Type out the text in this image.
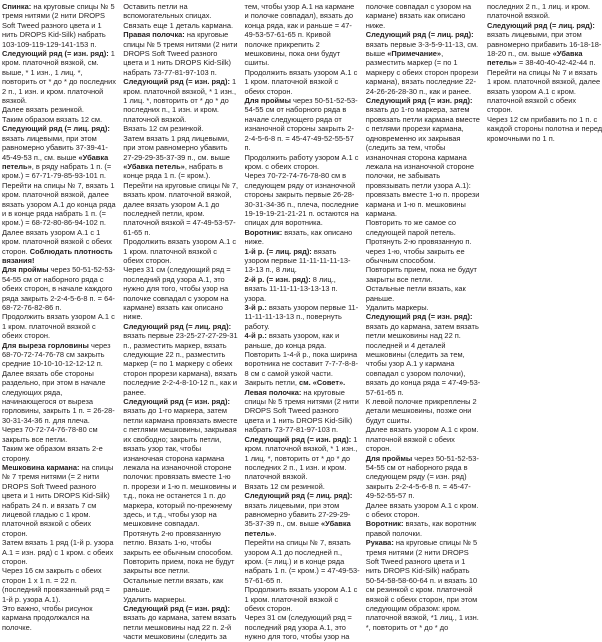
Спинка: на круговые спицы № 5 тремя нитями (2 нити DROPS Soft Tweed разного цвета и 1 нить DROPS Kid-Silk) набрать 103-109-119-129-141-153 п.

Следующий ряд (= изн. ряд): 1 кром. платочной вязкой, см. выше, * 1 изн., 1 лиц. *, повторить от * до * до последних 2 п., 1 изн. и кром. платочной вязкой.

Далее вязать резинкой.

Таким образом вязать 12 см.

Следующий ряд (= лиц. ряд): вязать лицевыми, при этом равномерно убавить 37-39-41-45-49-53 п., см. выше «Убавка петель», в ряду набрать 1 п. (= кром.) = 67-71-79-85-93-101 п.

Перейти на спицы № 7, вязать 1 кром. платочной вязкой, далее вязать узором А.1 до конца ряда и в конце ряда набрать 1 п. (= кром.) = 68-72-80-86-94-102 п.

Далее вязать узором А.1 с 1 кром. платочной вязкой с обеих сторон. Соблюдать плотность вязания!

Для проймы через 50-51-52-53-54-55 см от наборного ряда с обеих сторон, в начале каждого ряда закрыть 2-2-4-5-6-8 п. = 64-68-72-76-82-86 п.

Продолжить вязать узором А.1 с 1 кром. платочной вязкой с обеих сторон.

Для выреза горловины через 68-70-72-74-76-78 см закрыть средние 10-10-10-12-12-12 п.

Далее вязать обе стороны раздельно, при этом в начале следующих ряда, начинающегося от выреза горловины, закрыть 1 п. = 26-28-30-31-34-36 п. для плеча.

Через 70-72-74-76-78-80 см закрыть все петли.

Таким же образом вязать 2-е сторону.

Мешковина кармана: на спицы № 7 тремя нитями (= 2 нити DROPS Soft Tweed разного цвета и 1 нить DROPS Kid-Silk) набрать 24 п. и вязать 7 см лицевой гладью с 1 кром. платочной вязкой с обеих сторон.

Затем вязать 1 ряд (1-й р. узора А.1 = изн. ряд) с 1 кром. с обеих сторон.

Через 16 см закрыть с обеих сторон 1 х 1 п. = 22 п. (последний провязанный ряд = 1-й р. узора А.1).

Это важно, чтобы рисунок кармана продолжался на полочке.

Оставить петли на вспомогательных спицах.

Связать еще 1 деталь кармана.

Правая полочка: на круговые спицы № 5 тремя нитями (2 нити DROPS Soft Tweed разного цвета и 1 нить DROPS Kid-Silk) набрать 73-77-81-97-103 п.

Следующий ряд (= изн. ряд): 1 кром. платочной вязкой, * 1 изн., 1 лиц. *, повторить от * до * до последних п., 1 изн. и кром. платочной вязкой.

Вязать 12 см резинкой.

Затем вязать 1 ряд лицевыми, при этом равномерно убавить 27-29-29-35-37-39 п., см. выше «Убавка петель», набрать в конце ряда 1 п. (= кром.).

Перейти на круговые спицы № 7, вязать кром. платочной вязкой, далее вязать узором А.1 до последней петли, кром. платочной вязкой = 47-49-53-57-61-65 п.

Продолжить вязать узором А.1 с 1 кром. платочной вязкой с обеих сторон.

Через 31 см (следующий ряд = последний ряд узора А.1, это нужно для того, чтобы узор на полочке совпадал с узором на кармане) вязать как описано ниже.

Следующий ряд (= лиц. ряд): вязать первые 23-25-27-27-29-31 п., разместить маркер, вязать следующие 22 п., разместить маркер (= по 1 маркеру с обеих сторон прорези кармана), вязать последние 2-2-4-8-10-12 п., как и ранее.

Следующий ряд (= изн. ряд): вязать до 1-го маркера, затем петли кармана провязать вместе с петлями мешковины, закрывая их свободно; закрыть петли, вязать узор так, чтобы изнаночная сторона кармана лежала на изнаночной стороне полочки: провязать вместе 1-ю п. прорези и 1-ю п. мешковины и т.д., пока не останется 1 п. до маркера, который по-прежнему здесь, и т.д., чтобы узор на мешковине совпадал.

Протянуть 2-ю провязанную петлю. Вязать 1-ю, чтобы закрыть ее обычным способом.

Повторить прием, пока не будут закрыты все петли.

Остальные петли вязать, как раньше.

Удалить маркеры.

Следующий ряд (= изн. ряд): вязать до кармана, затем вязать петли мешковины над 22 п. 2-й части мешковины (следить за тем, чтобы узор А.1 на кармане и полочке совпадал), вязать до конца ряда, как и раньше = 47-49-53-57-61-65 п. Кривой полочке прикрепить 2 мешковины, пока они будут сшиты.

Продолжить вязать узором А.1 с 1 кром. платочной вязкой с обеих сторон.

Для проймы через 50-51-52-53-54-55 см от наборного ряда в начале следующего ряда от изнаночной стороны закрыть 2-2-4-5-6-8 п. = 45-47-49-52-55-57 п.

Продолжить работу узором А.1 с кром. с обеих сторон.

Через 70-72-74-76-78-80 см в следующем ряду от изнаночной стороны закрыть первые 26-28-30-31-34-36 п., плеча, последние 19-19-19-21-21-21 п. остаются на спицах для воротника.

Воротник: вязать, как описано ниже.

1-й р. (= лиц. ряд): вязать узором первые 11-11-11-11-13-13-13 п., 8 лиц.

2-й р. (= изн. ряд): 8 лиц., вязать 11-11-11-13-13-13 п. узора.

3-й р.: вязать узором первые 11-11-11-11-13-13 п., повернуть работу.

4-й р.: вязать узором, как и раньше, до конца ряда.

Повторить 1-4-й р., пока ширина воротника не составит 7-7-7-8-8-8 см с самой узкой части.

Закрыть петли, см. «Совет».

Левая полочка: на круговые спицы № 5 тремя нитями (2 нити DROPS Soft Tweed разного цвета и 1 нить DROPS Kid-Silk) набрать 73-77-81-97-103 п.

Следующий ряд (= изн. ряд): 1 кром. платочной вязкой, * 1 изн., 1 лиц. *, повторить от * до * до последних 2 п., 1 изн. и кром. платочной вязкой.

Вязать 12 см резинкой.

Следующий ряд (= лиц. ряд): вязать лицевыми, при этом равномерно убавить 27-29-29-35-37-39 п., см. выше «Убавка петель».

Перейти на спицы № 7, вязать узором А.1 до последней п., кром. (= лиц.) и в конце ряда набрать 1 п. (= кром.) = 47-49-53-57-61-65 п.

Продолжить вязать узором А.1 с 1 кром. платочной вязкой с обеих сторон.

Через 31 см (следующий ряд = последний ряд узора А.1, это нужно для того, чтобы узор на полочке совпадал с узором на кармане) вязать как описано ниже.

Следующий ряд (= лиц. ряд): вязать первые 3-3-5-9-11-13, см. выше «Примечание», разместить маркер (= по 1 маркеру с обеих сторон прорези кармана), вязать последние 22-24-26-26-28-30 п., как и ранее.

Следующий ряд (= изн. ряд): вязать до 1-го маркера, затем провязать петли кармана вместе с петлями прорези кармана, одновременно их закрывая (следить за тем, чтобы изнаночная сторона кармана лежала на изнаночной стороне полочки, не забывать провязывать петли узора А.1): провязать вместе 1-ю п. прорези кармана и 1-ю п. мешковины кармана.

Повторить то же самое со следующей парой петель.

Протянуть 2-ю провязанную п. через 1-ю, чтобы закрыть ее обычным способом.

Повторить прием, пока не будут закрыты все петли.

Остальные петли вязать, как раньше.

Удалить маркеры.

Следующий ряд (= изн. ряд): вязать до кармана, затем вязать петли мешковины над 22 п. последней и 4 деталей мешковины (следить за тем, чтобы узор А.1 у кармана совпадал с узором полочки), вязать до конца ряда = 47-49-53-57-61-65 п.

К левой полочке прикреплены 2 детали мешковины, позже они будут сшиты.

Далее вязать узором А.1 с кром. платочной вязкой с обеих сторон.

Для проймы через 50-51-52-53-54-55 см от наборного ряда в следующем ряду (= изн. ряд) закрыть 2-2-4-5-6-8 п. = 45-47-49-52-55-57 п.

Далее вязать узором А.1 с кром. с обеих сторон.

Воротник: вязать, как воротник правой полочки.

Рукава: на круговые спицы № 5 тремя нитями (2 нити DROPS Soft Tweed разного цвета и 1 нить DROPS Kid-Silk) набрать 50-54-58-58-60-64 п. и вязать 10 см резинкой с кром. платочной вязкой с обеих сторон, при этом следующим образом: кром. платочной вязкой, *1 лиц., 1 изн. *, повторить от * до * до последних 2 п., 1 лиц. и кром. платочной вязкой.

Следующий ряд (= лиц. ряд): вязать лицевыми, при этом равномерно прибавить 16-18-18-18-20 п., см. выше «Убавка петель» = 38-40-40-42-42-44 п.

Перейти на спицы № 7 и вязать 1 кром. платочной вязкой, далее вязать узором А.1 с кром. платочной вязкой с обеих сторон.

Через 12 см прибавить по 1 п. с каждой стороны полотна и перед кромочными по 1 п.
